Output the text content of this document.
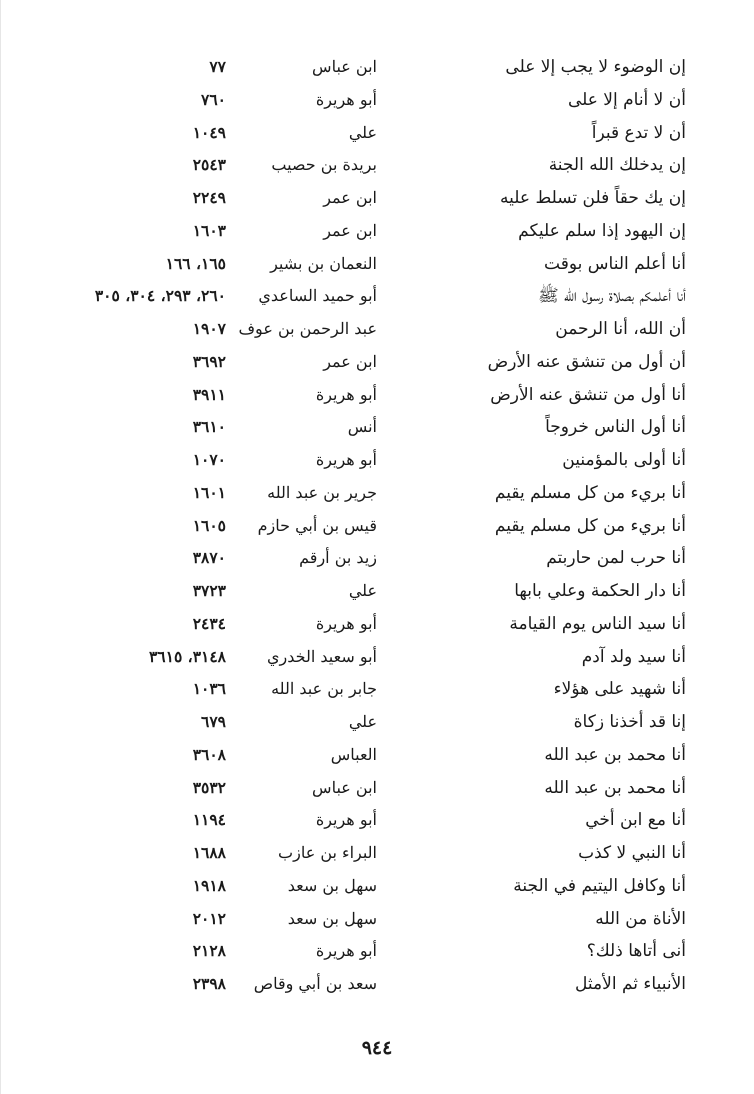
إن الوضوء لا يجب إلا على
ابن عباس
٧٧
أن لا أنام إلا على
أبو هريرة
٧٦٠
أن لا تدع قبراً
علي
١٠٤٩
إن يدخلك الله الجنة
بريدة بن حصيب
٢٥٤٣
إن يك حقاً فلن تسلط عليه
ابن عمر
٢٢٤٩
إن اليهود إذا سلم عليكم
ابن عمر
١٦٠٣
أنا أعلم الناس بوقت
النعمان بن بشير
١٦٥، ١٦٦
أنا أعلمكم بصلاة رسول الله ﷺ
أبو حميد الساعدي
٢٦٠، ٢٩٣، ٣٠٤، ٣٠٥
أن الله، أنا الرحمن
عبد الرحمن بن عوف
١٩٠٧
أن أول من تنشق عنه الأرض
ابن عمر
٣٦٩٢
أنا أول من تنشق عنه الأرض
أبو هريرة
٣٩١١
أنا أول الناس خروجاً
أنس
٣٦١٠
أنا أولى بالمؤمنين
أبو هريرة
١٠٧٠
أنا بريء من كل مسلم يقيم
جرير بن عبد الله
١٦٠١
أنا بريء من كل مسلم يقيم
قيس بن أبي حازم
١٦٠٥
أنا حرب لمن حاربتم
زيد بن أرقم
٣٨٧٠
أنا دار الحكمة وعلي بابها
علي
٣٧٢٣
أنا سيد الناس يوم القيامة
أبو هريرة
٢٤٣٤
أنا سيد ولد آدم
أبو سعيد الخدري
٣١٤٨، ٣٦١٥
أنا شهيد على هؤلاء
جابر بن عبد الله
١٠٣٦
إنا قد أخذنا زكاة
علي
٦٧٩
أنا محمد بن عبد الله
العباس
٣٦٠٨
أنا محمد بن عبد الله
ابن عباس
٣٥٣٢
أنا مع ابن أخي
أبو هريرة
١١٩٤
أنا النبي لا كذب
البراء بن عازب
١٦٨٨
أنا وكافل اليتيم في الجنة
سهل بن سعد
١٩١٨
الأناة من الله
سهل بن سعد
٢٠١٢
أنى أتاها ذلك؟
أبو هريرة
٢١٢٨
الأنبياء ثم الأمثل
سعد بن أبي وقاص
٢٣٩٨
٩٤٤
